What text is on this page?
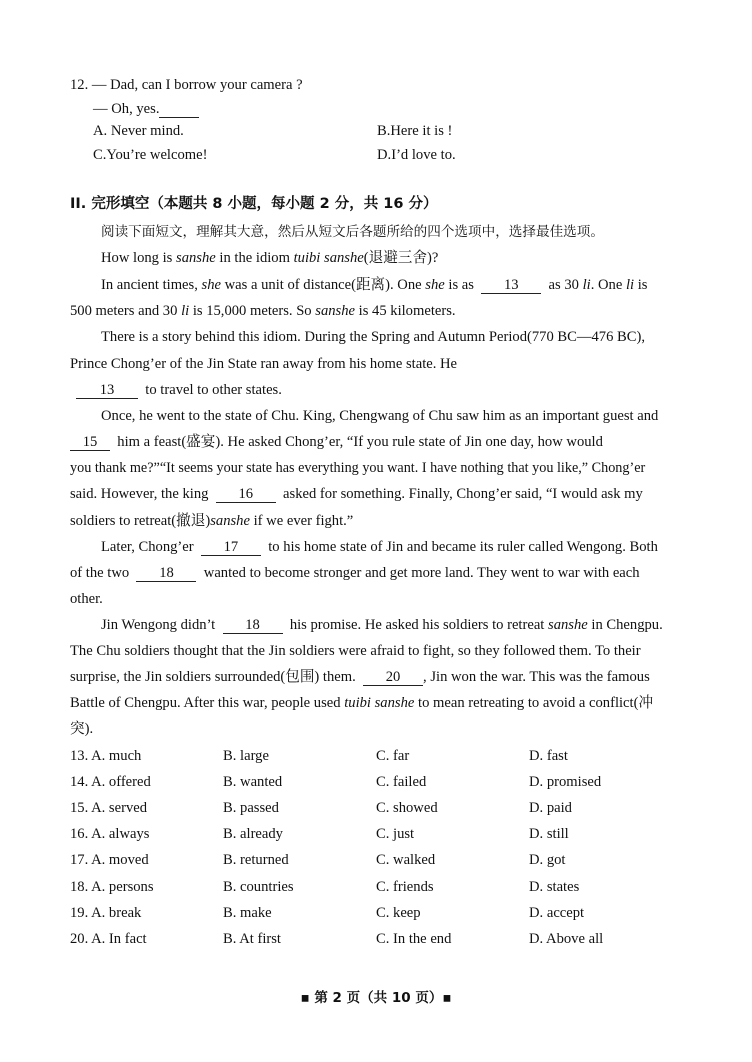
12. — Dad, can I borrow your camera ?
— Oh, yes.
A. Never mind.	B.Here it is !
C.You’re welcome!	D.I’d love to.
II. 完形填空（本题共 8 小题，每小题 2 分，共 16 分）
阅读下面短文，理解其大意，然后从短文后各题所给的四个选项中，选择最佳选项。
How long is sanshe in the idiom tuibi sanshe(退避三舍)?
In ancient times, she was a unit of distance(距离). One she is as 13 as 30 li. One li is
500 meters and 30 li is 15,000 meters. So sanshe is 45 kilometers.
There is a story behind this idiom. During the Spring and Autumn Period(770 BC—476 BC),
Prince Chong’er of the Jin State ran away from his home state. He
13 to travel to other states.
Once, he went to the state of Chu. King, Chengwang of Chu saw him as an important guest and
15 him a feast(盛宴). He asked Chong’er, “If you rule state of Jin one day, how would
you thank me?”“It seems your state has everything you want. I have nothing that you like,” Chong’er
said. However, the king 16 asked for something. Finally, Chong’er said, “I would ask my
soldiers to retreat(撤退)sanshe if we ever fight.”
Later, Chong’er 17 to his home state of Jin and became its ruler called Wengong. Both
of the two 18 wanted to become stronger and get more land. They went to war with each
other.
Jin Wengong didn’t 18 his promise. He asked his soldiers to retreat sanshe in Chengpu.
The Chu soldiers thought that the Jin soldiers were afraid to fight, so they followed them. To their
surprise, the Jin soldiers surrounded(包围) them. 20 , Jin won the war. This was the famous
Battle of Chengpu. After this war, people used tuibi sanshe to mean retreating to avoid a conflict(冲
突).
13. A. much	B. large	C. far	D. fast
14. A. offered	B. wanted	C. failed	D. promised
15. A. served	B. passed	C. showed	D. paid
16. A. always	B. already	C. just	D. still
17. A. moved	B. returned	C. walked	D. got
18. A. persons	B. countries	C. friends	D. states
19. A. break	B. make	C. keep	D. accept
20. A. In fact	B. At first	C. In the end	D. Above all
▪ 第 2 页（共 10 页）▪
